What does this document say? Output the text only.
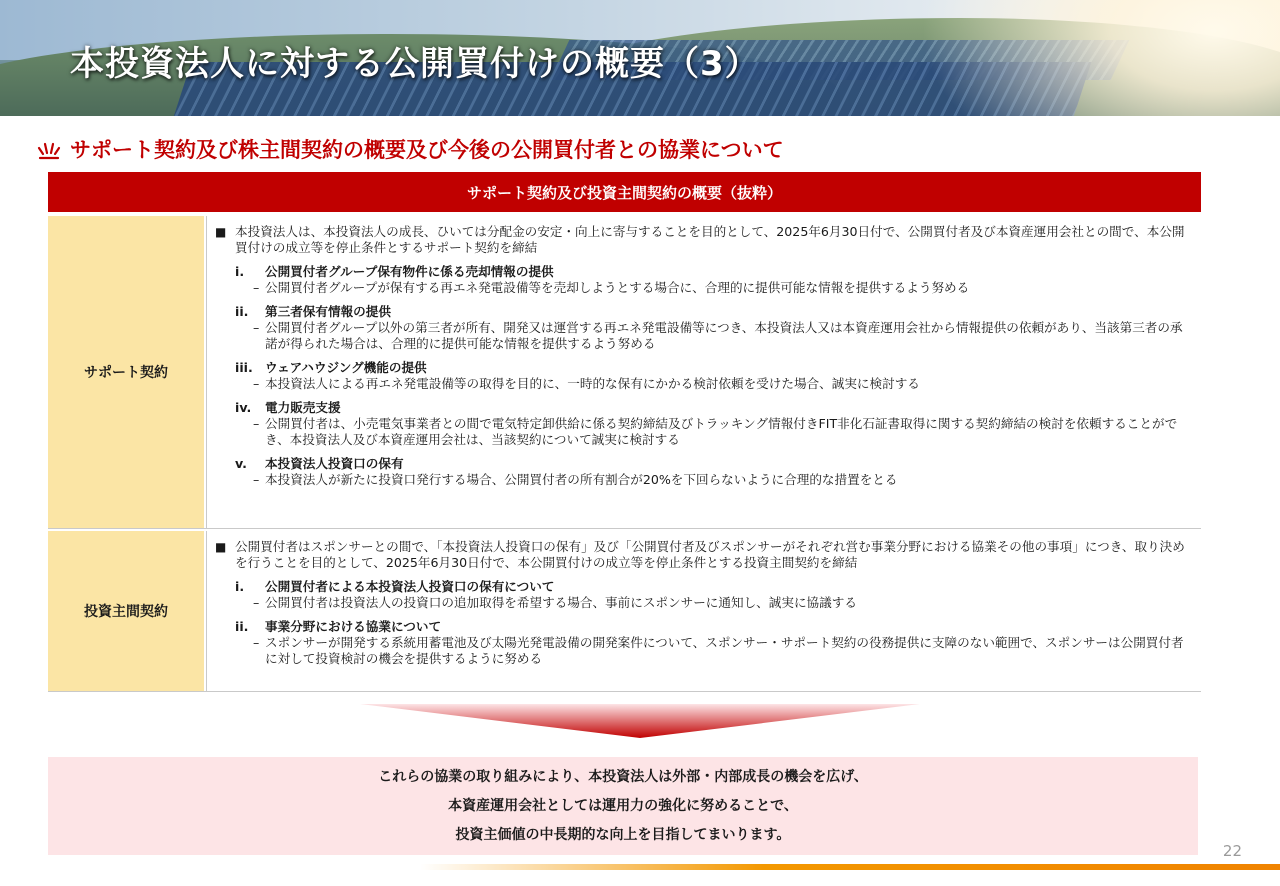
本投資法人に対する公開買付けの概要（3）
サポート契約及び株主間契約の概要及び今後の公開買付者との協業について
サポート契約及び投資主間契約の概要（抜粋）
サポート契約
■ 本投資法人は、本投資法人の成長、ひいては分配金の安定・向上に寄与することを目的として、2025年6月30日付で、公開買付者及び本資産運用会社との間で、本公開買付けの成立等を停止条件とするサポート契約を締結
i.	公開買付者グループ保有物件に係る売却情報の提供
– 公開買付者グループが保有する再エネ発電設備等を売却しようとする場合に、合理的に提供可能な情報を提供するよう努める
ii.	第三者保有情報の提供
– 公開買付者グループ以外の第三者が所有、開発又は運営する再エネ発電設備等につき、本投資法人又は本資産運用会社から情報提供の依頼があり、当該第三者の承諾が得られた場合は、合理的に提供可能な情報を提供するよう努める
iii. ウェアハウジング機能の提供
– 本投資法人による再エネ発電設備等の取得を目的に、一時的な保有にかかる検討依頼を受けた場合、誠実に検討する
iv.	電力販売支援
– 公開買付者は、小売電気事業者との間で電気特定卸供給に係る契約締結及びトラッキング情報付きFIT非化石証書取得に関する契約締結の検討を依頼することができ、本投資法人及び本資産運用会社は、当該契約について誠実に検討する
v.	本投資法人投資口の保有
– 本投資法人が新たに投資口発行する場合、公開買付者の所有割合が20%を下回らないように合理的な措置をとる
投資主間契約
■ 公開買付者はスポンサーとの間で、「本投資法人投資口の保有」及び「公開買付者及びスポンサーがそれぞれ営む事業分野における協業その他の事項」につき、取り決めを行うことを目的として、2025年6月30日付で、本公開買付けの成立等を停止条件とする投資主間契約を締結
i.	公開買付者による本投資法人投資口の保有について
– 公開買付者は投資法人の投資口の追加取得を希望する場合、事前にスポンサーに通知し、誠実に協議する
ii.	事業分野における協業について
– スポンサーが開発する系統用蓄電池及び太陽光発電設備の開発案件について、スポンサー・サポート契約の役務提供に支障のない範囲で、スポンサーは公開買付者に対して投資検討の機会を提供するように努める
これらの協業の取り組みにより、本投資法人は外部・内部成長の機会を広げ、
本資産運用会社としては運用力の強化に努めることで、
投資主価値の中長期的な向上を目指してまいります。
22
